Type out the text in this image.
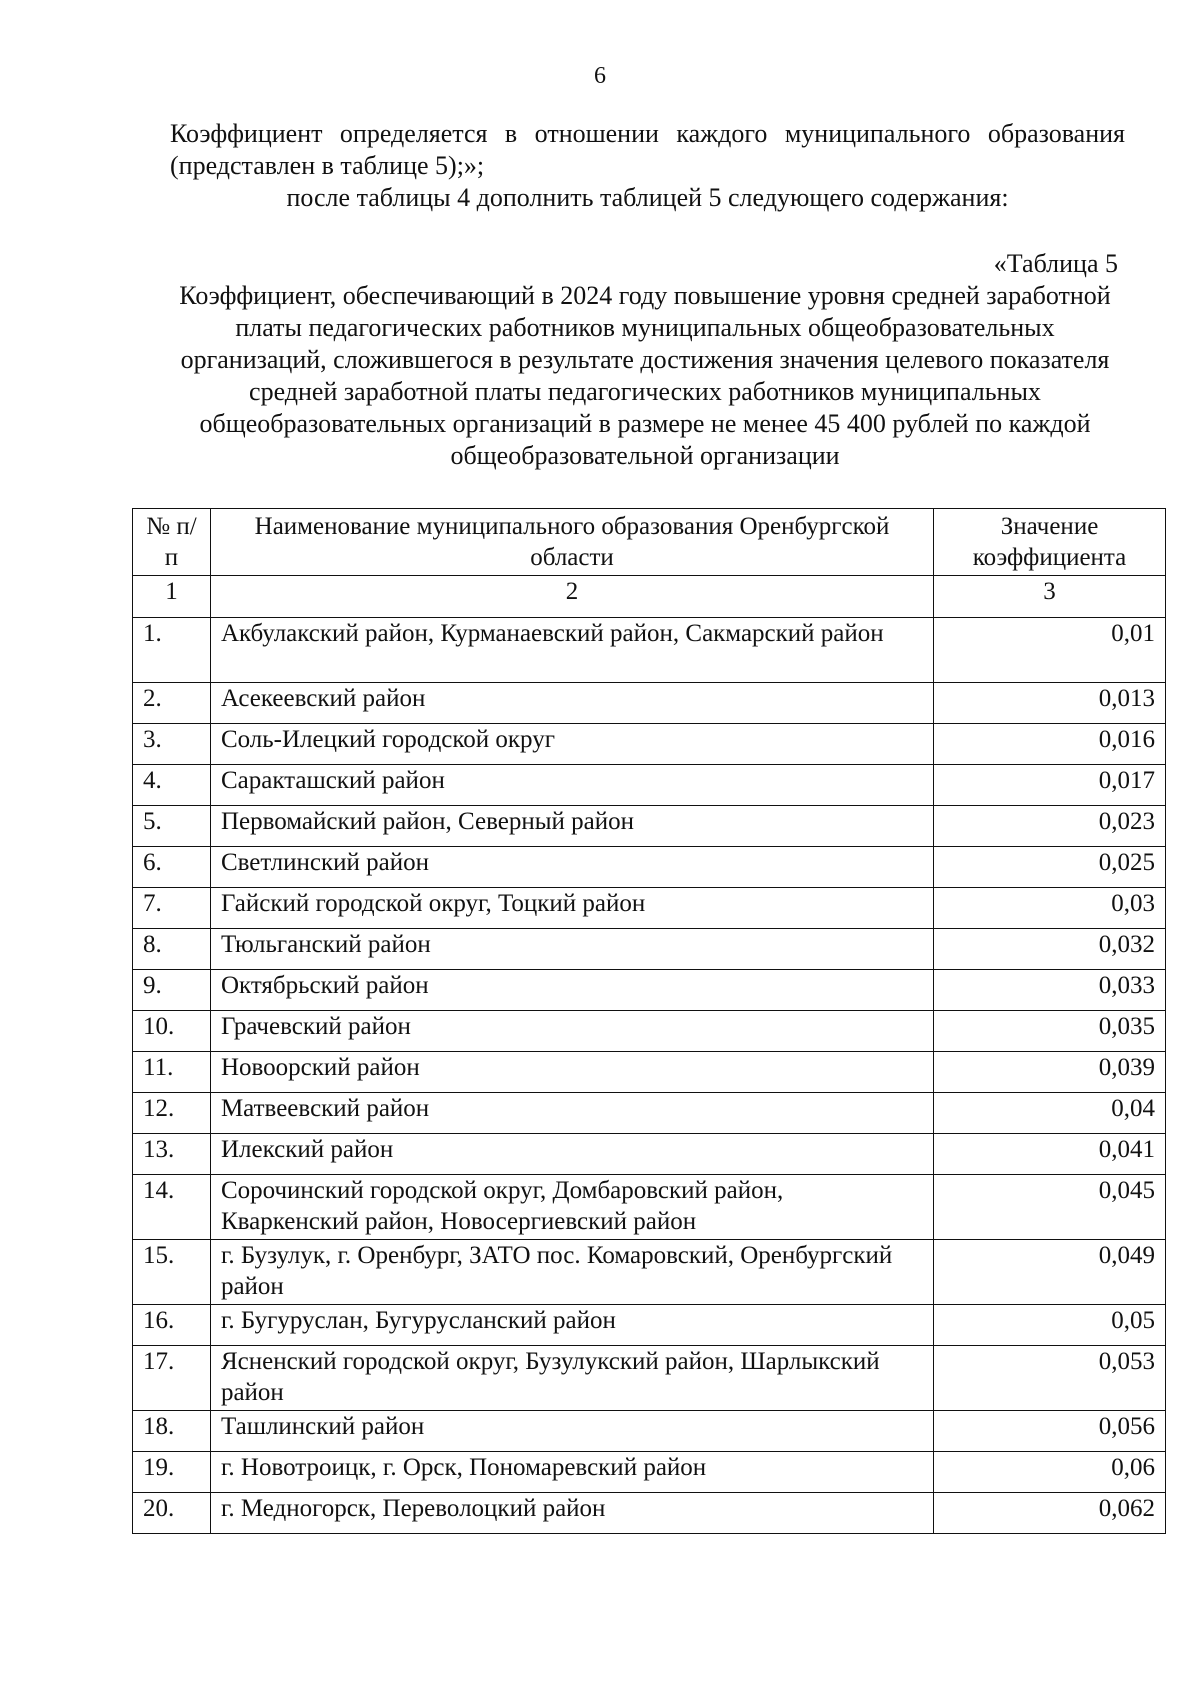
6
Коэффициент определяется в отношении каждого муниципального образования (представлен в таблице 5);»;
после таблицы 4 дополнить таблицей 5 следующего содержания:
«Таблица 5
Коэффициент, обеспечивающий в 2024 году повышение уровня средней заработной платы педагогических работников муниципальных общеобразовательных организаций, сложившегося в результате достижения значения целевого показателя средней заработной платы педагогических работников муниципальных общеобразовательных организаций в размере не менее 45 400 рублей по каждой общеобразовательной организации
№ п/п	Наименование муниципального образования Оренбургской области	Значение коэффициента
1	2	3
1.	Акбулакский район, Курманаевский район, Сакмарский район	0,01
2.	Асекеевский район	0,013
3.	Соль-Илецкий городской округ	0,016
4.	Саракташский район	0,017
5.	Первомайский район, Северный район	0,023
6.	Светлинский район	0,025
7.	Гайский городской округ, Тоцкий район	0,03
8.	Тюльганский район	0,032
9.	Октябрьский район	0,033
10.	Грачевский район	0,035
11.	Новоорский район	0,039
12.	Матвеевский район	0,04
13.	Илекский район	0,041
14.	Сорочинский городской округ, Домбаровский район, Кваркенский район, Новосергиевский район	0,045
15.	г. Бузулук, г. Оренбург, ЗАТО пос. Комаровский, Оренбургский район	0,049
16.	г. Бугуруслан, Бугурусланский район	0,05
17.	Ясненский городской округ, Бузулукский район, Шарлыкский район	0,053
18.	Ташлинский район	0,056
19.	г. Новотроицк, г. Орск, Пономаревский район	0,06
20.	г. Медногорск, Переволоцкий район	0,062
